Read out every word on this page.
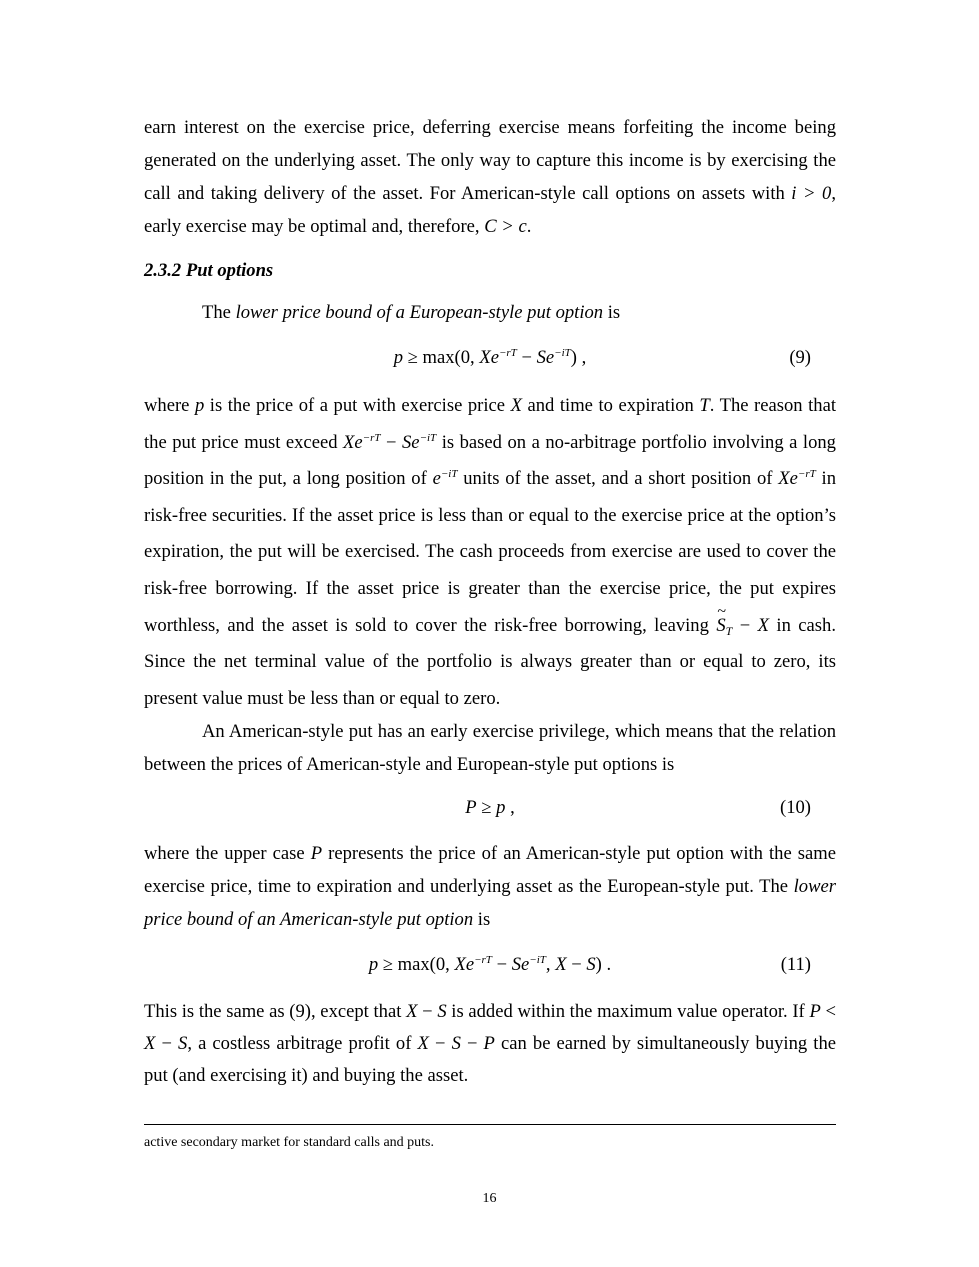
earn interest on the exercise price, deferring exercise means forfeiting the income being generated on the underlying asset. The only way to capture this income is by exercising the call and taking delivery of the asset. For American-style call options on assets with i > 0, early exercise may be optimal and, therefore, C > c.

2.3.2 Put options

The lower price bound of a European-style put option is

p ≥ max(0, $Xe^{-rT} - Se^{-iT}$) ,	(9)

where p is the price of a put with exercise price X and time to expiration T. The reason that the put price must exceed $Xe^{-rT} - Se^{-iT}$ is based on a no-arbitrage portfolio involving a long position in the put, a long position of $e^{-iT}$ units of the asset, and a short position of $Xe^{-rT}$ in risk-free securities. If the asset price is less than or equal to the exercise price at the option’s expiration, the put will be exercised. The cash proceeds from exercise are used to cover the risk-free borrowing. If the asset price is greater than the exercise price, the put expires worthless, and the asset is sold to cover the risk-free borrowing, leaving ~ $S_T - X$ in cash. Since the net terminal value of the portfolio is always greater than or equal to zero, its present value must be less than or equal to zero.

An American-style put has an early exercise privilege, which means that the relation between the prices of American-style and European-style put options is

P ≥ p ,	(10)

where the upper case P represents the price of an American-style put option with the same exercise price, time to expiration and underlying asset as the European-style put. The lower price bound of an American-style put option is

p ≥ max(0, $Xe^{-rT} - Se^{-iT}$, X − S) .	(11)

This is the same as (9), except that X − S is added within the maximum value operator. If P < X − S, a costless arbitrage profit of X − S − P can be earned by simultaneously buying the put (and exercising it) and buying the asset.

active secondary market for standard calls and puts.
16
